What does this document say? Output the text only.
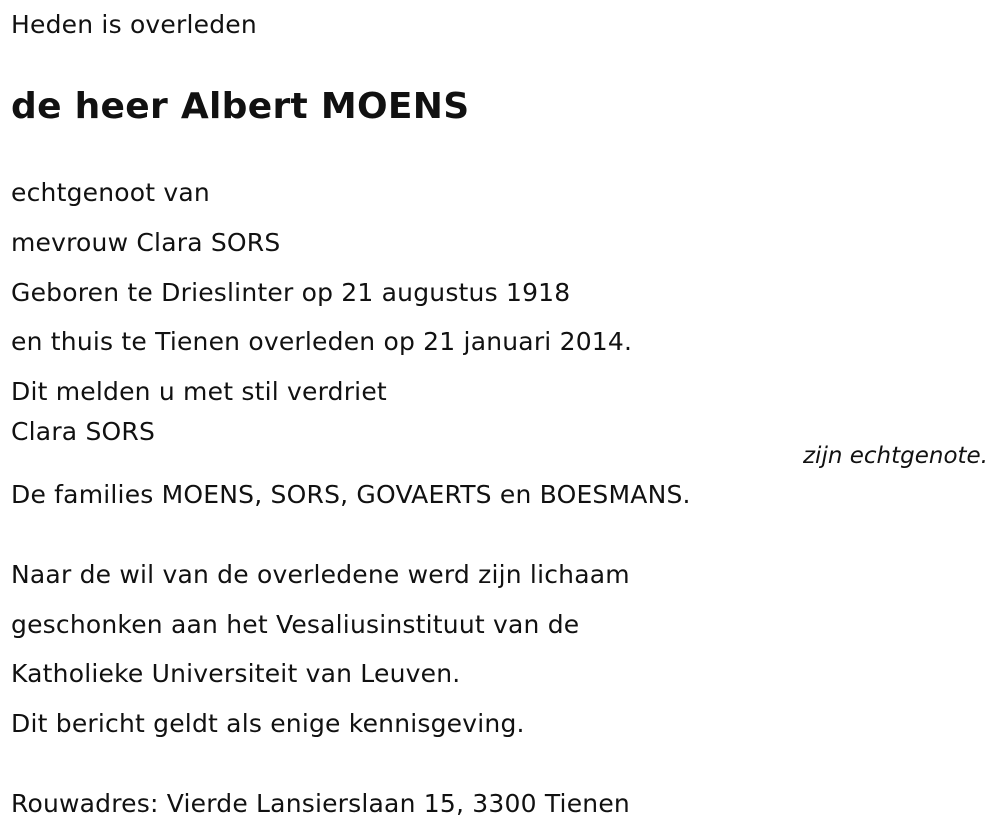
Heden is overleden
de heer Albert MOENS
echtgenoot van
mevrouw Clara SORS
Geboren te Drieslinter op 21 augustus 1918
en thuis te Tienen overleden op 21 januari 2014.
Dit melden u met stil verdriet
Clara SORS
zijn echtgenote.
De families MOENS, SORS, GOVAERTS en BOESMANS.
Naar de wil van de overledene werd zijn lichaam
geschonken aan het Vesaliusinstituut van de
Katholieke Universiteit van Leuven.
Dit bericht geldt als enige kennisgeving.
Rouwadres: Vierde Lansierslaan 15, 3300 Tienen
